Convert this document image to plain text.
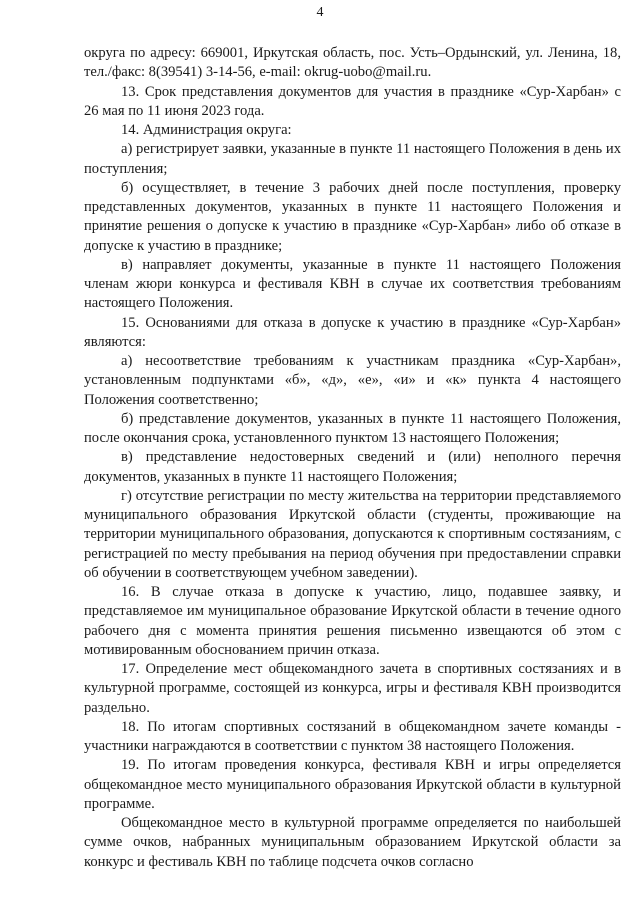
4

округа по адресу: 669001, Иркутская область, пос. Усть–Ордынский, ул. Ленина, 18, тел./факс: 8(39541) 3-14-56, e-mail: okrug-uobo@mail.ru.

13. Срок представления документов для участия в празднике «Сур-Харбан» с 26 мая по 11 июня 2023 года.

14. Администрация округа:

а) регистрирует заявки, указанные в пункте 11 настоящего Положения в день их поступления;

б) осуществляет, в течение 3 рабочих дней после поступления, проверку представленных документов, указанных в пункте 11 настоящего Положения и принятие решения о допуске к участию в празднике «Сур-Харбан» либо об отказе в допуске к участию в празднике;

в) направляет документы, указанные в пункте 11 настоящего Положения членам жюри конкурса и фестиваля КВН в случае их соответствия требованиям настоящего Положения.

15. Основаниями для отказа в допуске к участию в празднике «Сур-Харбан» являются:

а) несоответствие требованиям к участникам праздника «Сур-Харбан», установленным подпунктами «б», «д», «е», «и» и «к» пункта 4 настоящего Положения соответственно;

б) представление документов, указанных в пункте 11 настоящего Положения, после окончания срока, установленного пунктом 13 настоящего Положения;

в) представление недостоверных сведений и (или) неполного перечня документов, указанных в пункте 11 настоящего Положения;

г) отсутствие регистрации по месту жительства на территории представляемого муниципального образования Иркутской области (студенты, проживающие на территории муниципального образования, допускаются к спортивным состязаниям, с регистрацией по месту пребывания на период обучения при предоставлении справки об обучении в соответствующем учебном заведении).

16. В случае отказа в допуске к участию, лицо, подавшее заявку, и представляемое им муниципальное образование Иркутской области в течение одного рабочего дня с момента принятия решения письменно извещаются об этом с мотивированным обоснованием причин отказа.

17. Определение мест общекомандного зачета в спортивных состязаниях и в культурной программе, состоящей из конкурса, игры и фестиваля КВН производится раздельно.

18. По итогам спортивных состязаний в общекомандном зачете команды - участники награждаются в соответствии с пунктом 38 настоящего Положения.

19. По итогам проведения конкурса, фестиваля КВН и игры определяется общекомандное место муниципального образования Иркутской области в культурной программе.

Общекомандное место в культурной программе определяется по наибольшей сумме очков, набранных муниципальным образованием Иркутской области за конкурс и фестиваль КВН по таблице подсчета очков согласно
